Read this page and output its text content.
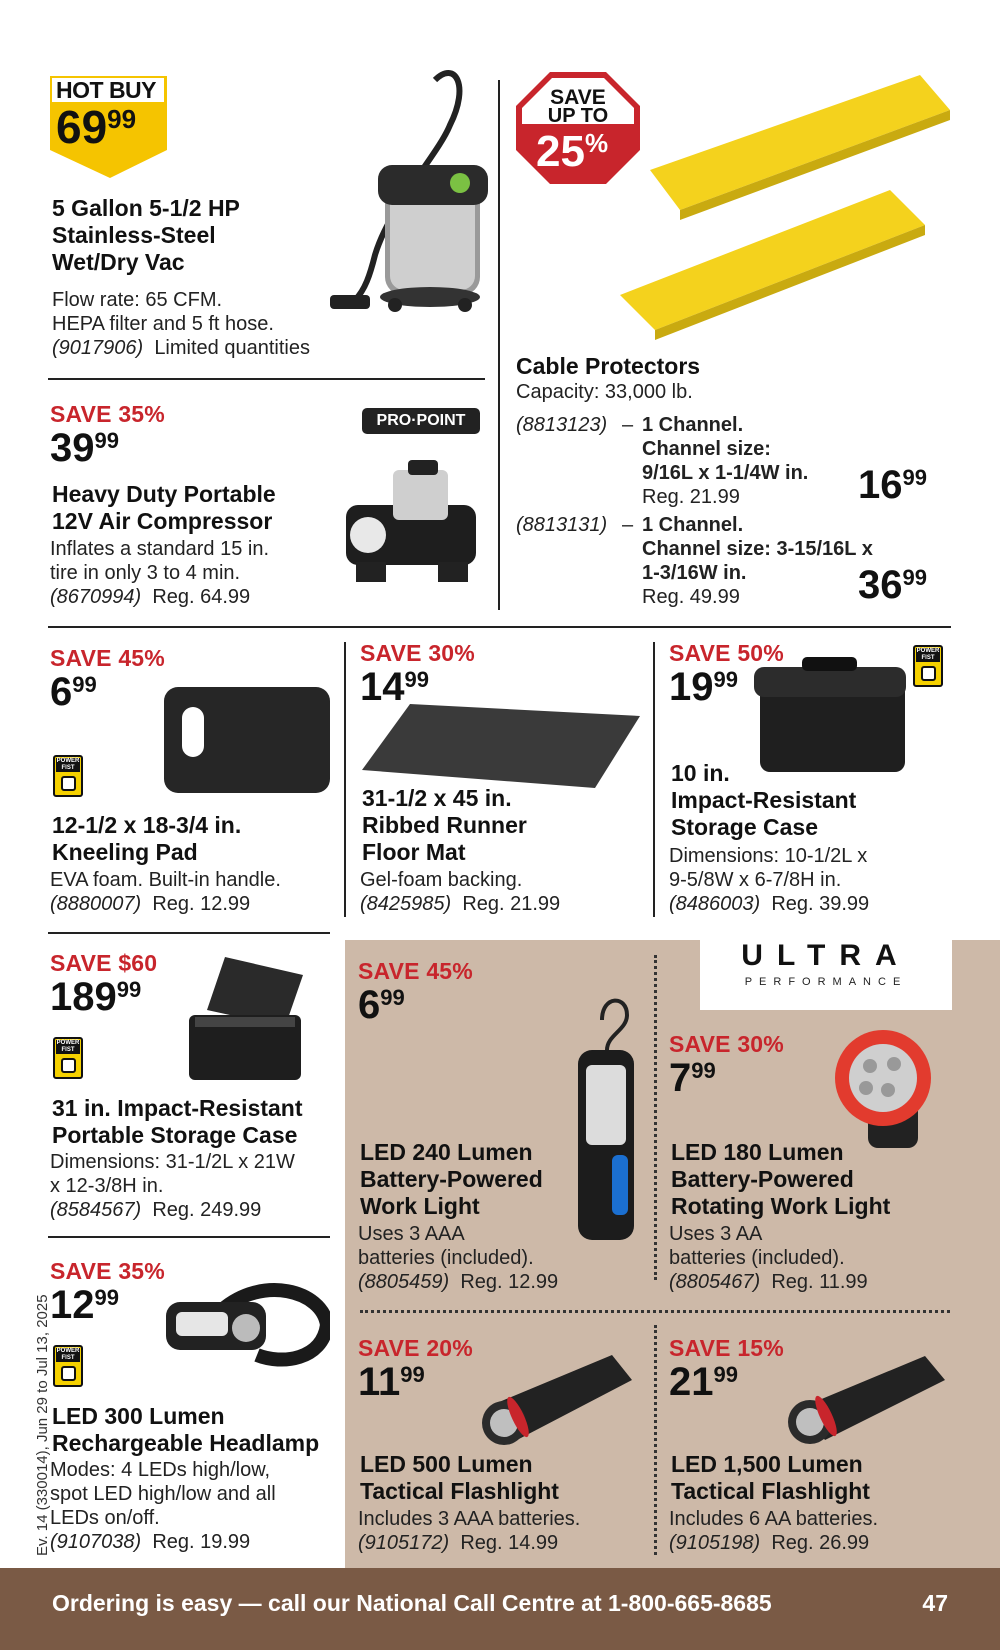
HOT BUY
6999
5 Gallon 5-1/2 HP
Stainless-Steel
Wet/Dry Vac
Flow rate: 65 CFM.
HEPA filter and 5 ft hose.
(9017906) Limited quantities
SAVE
UP TO
25%
Cable Protectors
Capacity: 33,000 lb.
(8813123) – 1 Channel.
Channel size:
9/16L x 1-1/4W in.
Reg. 21.99	1699
(8813131) – 1 Channel.
Channel size: 3-15/16L x
1-3/16W in.
Reg. 49.99	3699
SAVE 35%
3999
PRO·POINT
Heavy Duty Portable
12V Air Compressor
Inflates a standard 15 in.
tire in only 3 to 4 min.
(8670994) Reg. 64.99
SAVE 45%
699
POWER FIST
12-1/2 x 18-3/4 in.
Kneeling Pad
EVA foam. Built-in handle.
(8880007) Reg. 12.99
SAVE 30%
1499
31-1/2 x 45 in.
Ribbed Runner
Floor Mat
Gel-foam backing.
(8425985) Reg. 21.99
SAVE 50%
1999
POWER FIST
10 in.
Impact-Resistant
Storage Case
Dimensions: 10-1/2L x
9-5/8W x 6-7/8H in.
(8486003) Reg. 39.99
SAVE $60
18999
POWER FIST
31 in. Impact-Resistant
Portable Storage Case
Dimensions: 31-1/2L x 21W
x 12-3/8H in.
(8584567) Reg. 249.99
SAVE 35%
1299
POWER FIST
LED 300 Lumen
Rechargeable Headlamp
Modes: 4 LEDs high/low,
spot LED high/low and all
LEDs on/off.
(9107038) Reg. 19.99
Ev. 14 (330014), Jun 29 to Jul 13, 2025
ULTRA
PERFORMANCE
SAVE 45%
699
LED 240 Lumen
Battery-Powered
Work Light
Uses 3 AAA
batteries (included).
(8805459) Reg. 12.99
SAVE 30%
799
LED 180 Lumen
Battery-Powered
Rotating Work Light
Uses 3 AA
batteries (included).
(8805467) Reg. 11.99
SAVE 20%
1199
LED 500 Lumen
Tactical Flashlight
Includes 3 AAA batteries.
(9105172) Reg. 14.99
SAVE 15%
2199
LED 1,500 Lumen
Tactical Flashlight
Includes 6 AA batteries.
(9105198) Reg. 26.99
Ordering is easy — call our National Call Centre at 1-800-665-8685	47
